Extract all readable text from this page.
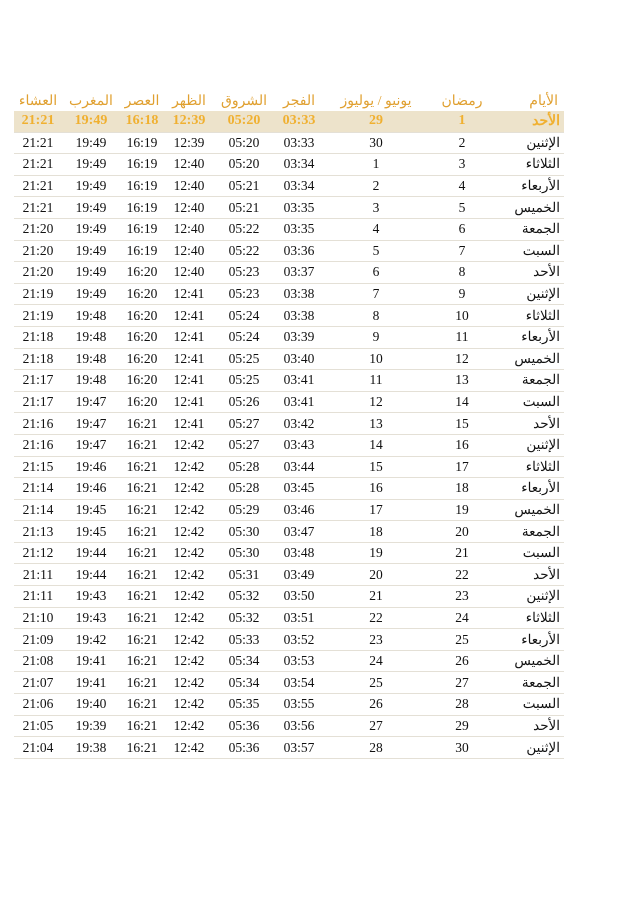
الأيام
رمضان
يونيو / يوليوز
الفجر
الشروق
الظهر
العصر
المغرب
العشاء
الأحد
1
29
03:33
05:20
12:39
16:18
19:49
21:21
الإثنين
2
30
03:33
05:20
12:39
16:19
19:49
21:21
الثلاثاء
3
1
03:34
05:20
12:40
16:19
19:49
21:21
الأربعاء
4
2
03:34
05:21
12:40
16:19
19:49
21:21
الخميس
5
3
03:35
05:21
12:40
16:19
19:49
21:21
الجمعة
6
4
03:35
05:22
12:40
16:19
19:49
21:20
السبت
7
5
03:36
05:22
12:40
16:19
19:49
21:20
الأحد
8
6
03:37
05:23
12:40
16:20
19:49
21:20
الإثنين
9
7
03:38
05:23
12:41
16:20
19:49
21:19
الثلاثاء
10
8
03:38
05:24
12:41
16:20
19:48
21:19
الأربعاء
11
9
03:39
05:24
12:41
16:20
19:48
21:18
الخميس
12
10
03:40
05:25
12:41
16:20
19:48
21:18
الجمعة
13
11
03:41
05:25
12:41
16:20
19:48
21:17
السبت
14
12
03:41
05:26
12:41
16:20
19:47
21:17
الأحد
15
13
03:42
05:27
12:41
16:21
19:47
21:16
الإثنين
16
14
03:43
05:27
12:42
16:21
19:47
21:16
الثلاثاء
17
15
03:44
05:28
12:42
16:21
19:46
21:15
الأربعاء
18
16
03:45
05:28
12:42
16:21
19:46
21:14
الخميس
19
17
03:46
05:29
12:42
16:21
19:45
21:14
الجمعة
20
18
03:47
05:30
12:42
16:21
19:45
21:13
السبت
21
19
03:48
05:30
12:42
16:21
19:44
21:12
الأحد
22
20
03:49
05:31
12:42
16:21
19:44
21:11
الإثنين
23
21
03:50
05:32
12:42
16:21
19:43
21:11
الثلاثاء
24
22
03:51
05:32
12:42
16:21
19:43
21:10
الأربعاء
25
23
03:52
05:33
12:42
16:21
19:42
21:09
الخميس
26
24
03:53
05:34
12:42
16:21
19:41
21:08
الجمعة
27
25
03:54
05:34
12:42
16:21
19:41
21:07
السبت
28
26
03:55
05:35
12:42
16:21
19:40
21:06
الأحد
29
27
03:56
05:36
12:42
16:21
19:39
21:05
الإثنين
30
28
03:57
05:36
12:42
16:21
19:38
21:04
